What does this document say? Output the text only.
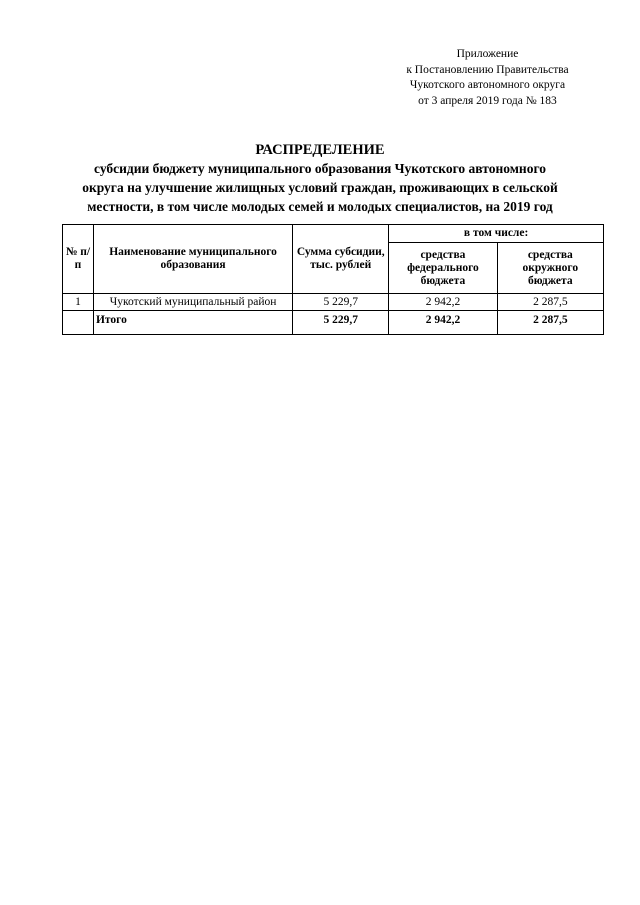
Приложение
к Постановлению Правительства
Чукотского автономного округа
от 3 апреля 2019 года № 183
РАСПРЕДЕЛЕНИЕ
субсидии бюджету муниципального образования Чукотского автономного
округа на улучшение жилищных условий граждан, проживающих в сельской
местности, в том числе молодых семей и молодых специалистов, на 2019 год
№ п/п	Наименование муниципального образования	Сумма субсидии, тыс. рублей	в том числе:	
			средства федерального бюджета	средства окружного бюджета
1	Чукотский муниципальный район	5 229,7	2 942,2	2 287,5
	Итого	5 229,7	2 942,2	2 287,5
